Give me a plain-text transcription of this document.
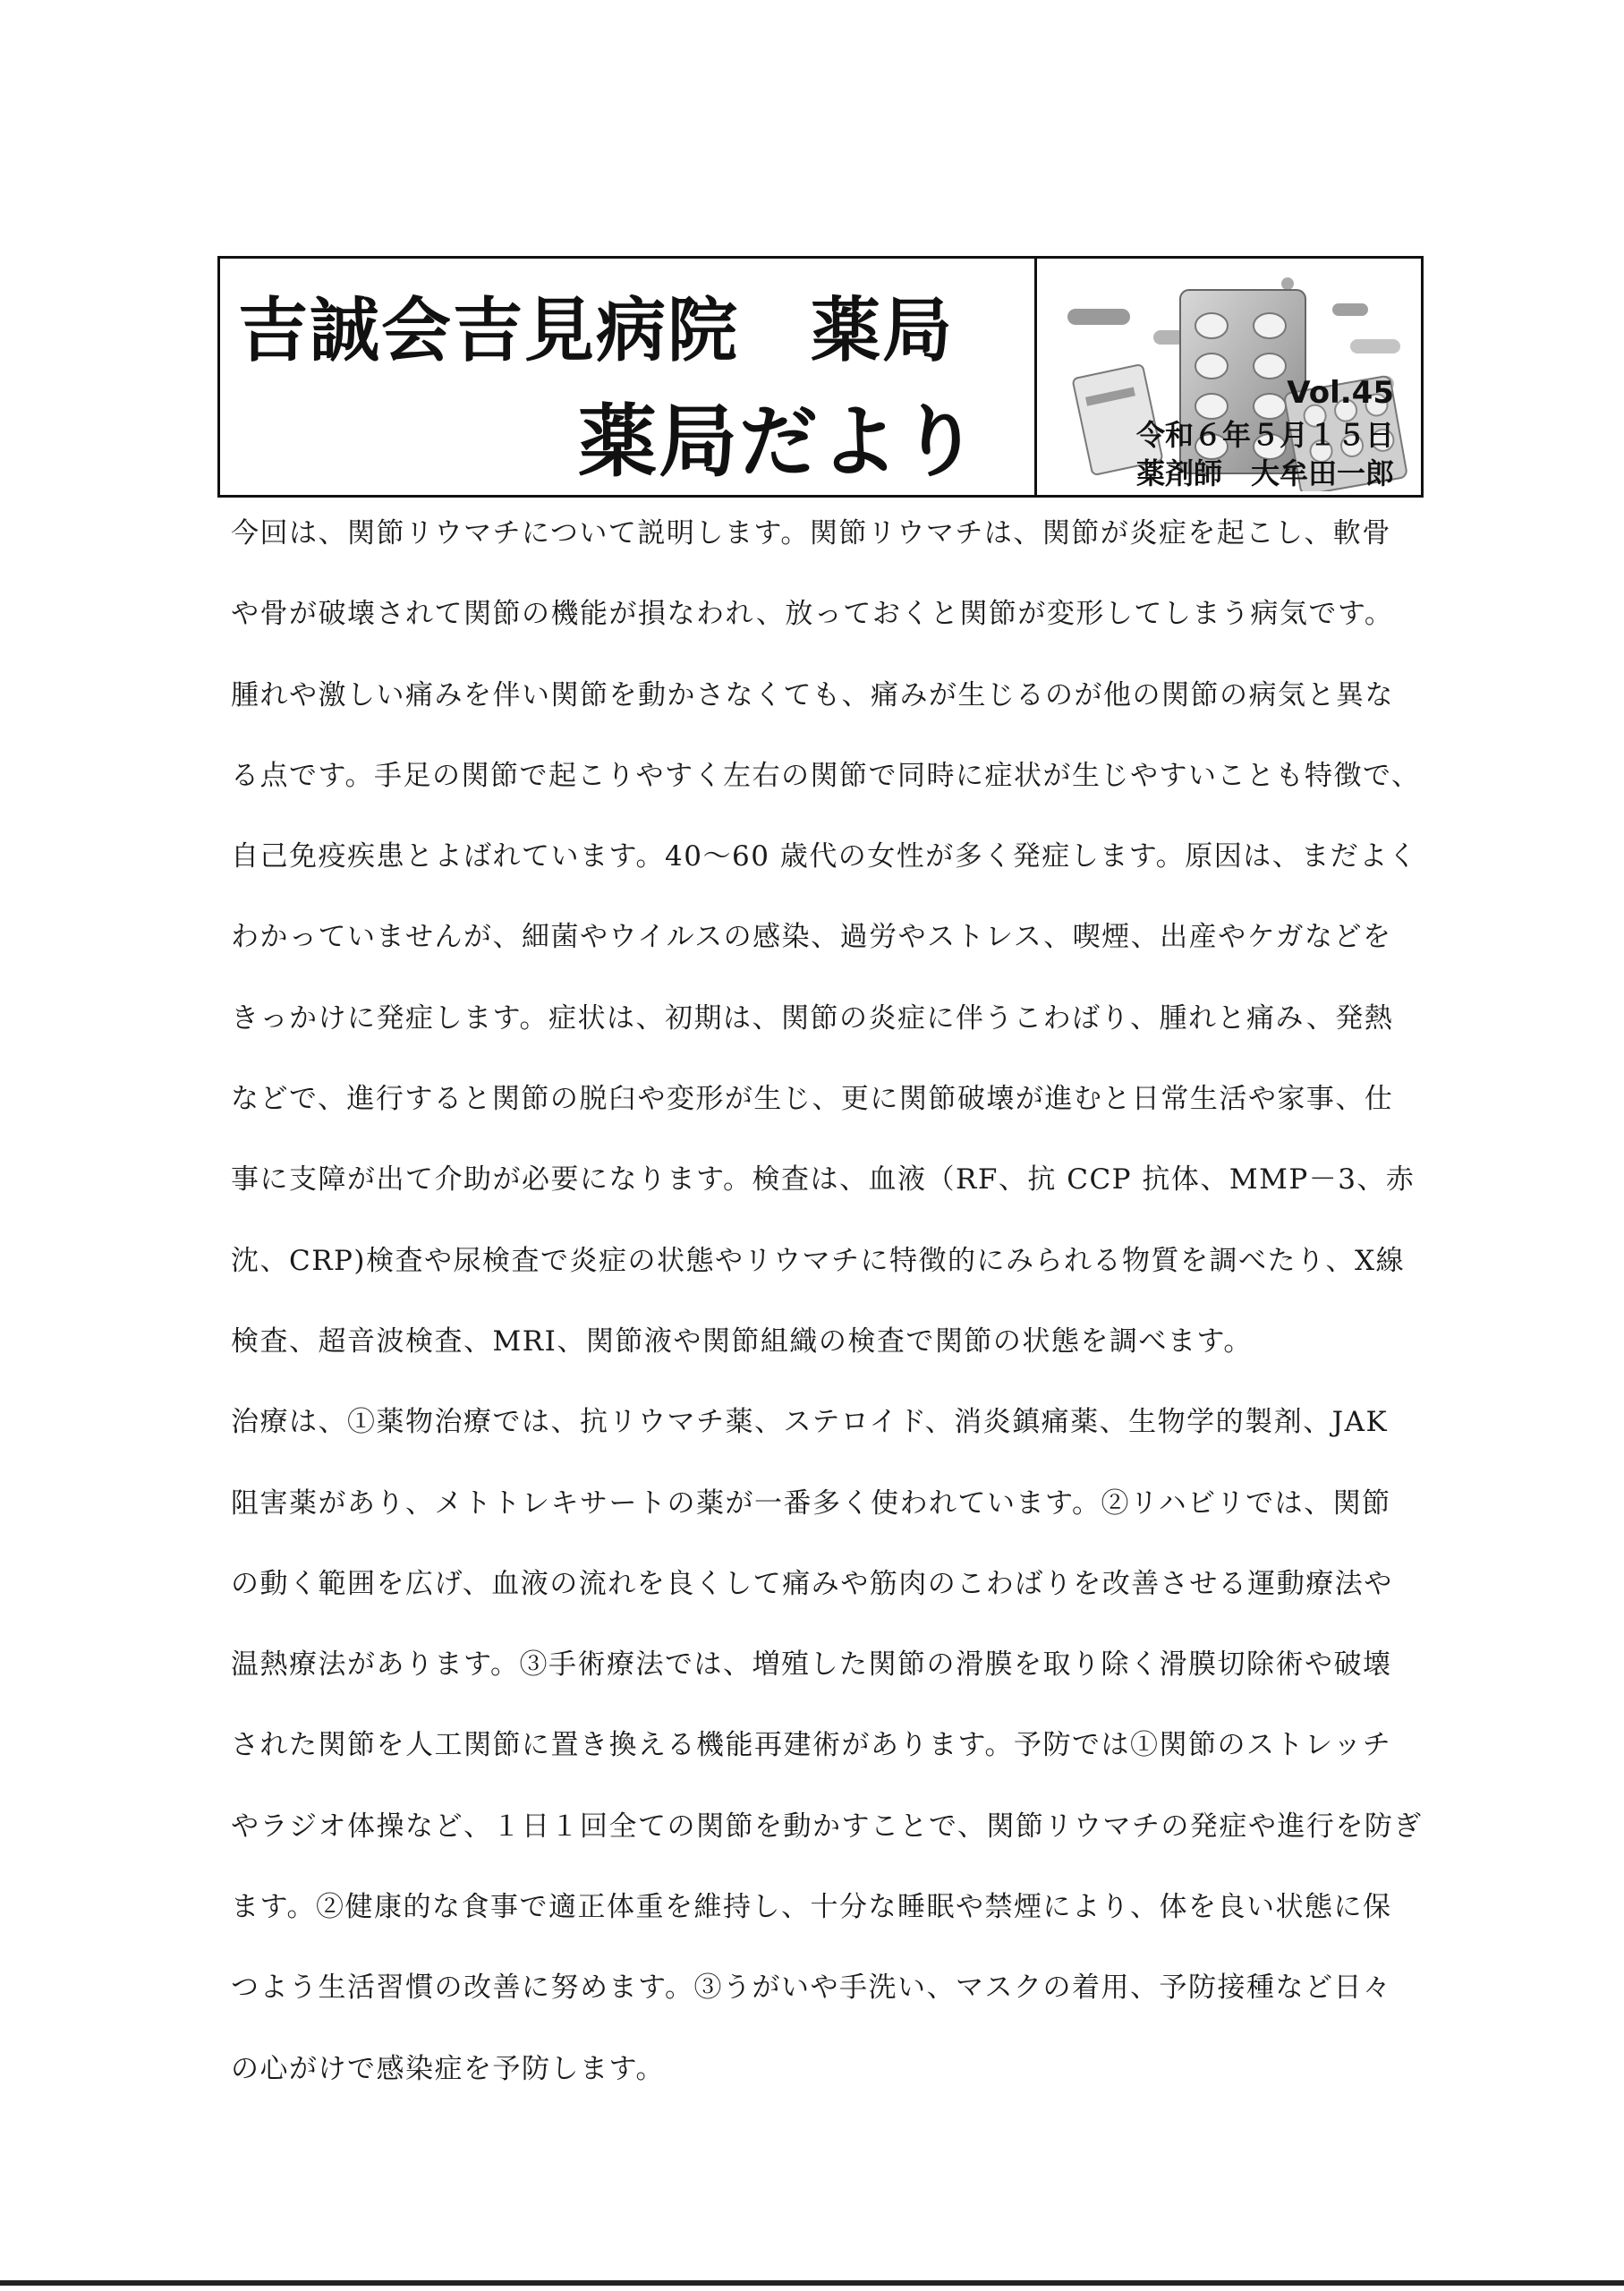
吉誠会吉見病院　薬局
薬局だより
Vol.45
令和６年５月１５日
薬剤師　大牟田一郎
今回は、関節リウマチについて説明します。関節リウマチは、関節が炎症を起こし、軟骨
や骨が破壊されて関節の機能が損なわれ、放っておくと関節が変形してしまう病気です。
腫れや激しい痛みを伴い関節を動かさなくても、痛みが生じるのが他の関節の病気と異な
る点です。手足の関節で起こりやすく左右の関節で同時に症状が生じやすいことも特徴で、
自己免疫疾患とよばれています。40～60 歳代の女性が多く発症します。原因は、まだよく
わかっていませんが、細菌やウイルスの感染、過労やストレス、喫煙、出産やケガなどを
きっかけに発症します。症状は、初期は、関節の炎症に伴うこわばり、腫れと痛み、発熱
などで、進行すると関節の脱臼や変形が生じ、更に関節破壊が進むと日常生活や家事、仕
事に支障が出て介助が必要になります。検査は、血液（RF、抗 CCP 抗体、MMP－3、赤
沈、CRP)検査や尿検査で炎症の状態やリウマチに特徴的にみられる物質を調べたり、X線
検査、超音波検査、MRI、関節液や関節組織の検査で関節の状態を調べます。
治療は、①薬物治療では、抗リウマチ薬、ステロイド、消炎鎮痛薬、生物学的製剤、JAK
阻害薬があり、メトトレキサートの薬が一番多く使われています。②リハビリでは、関節
の動く範囲を広げ、血液の流れを良くして痛みや筋肉のこわばりを改善させる運動療法や
温熱療法があります。③手術療法では、増殖した関節の滑膜を取り除く滑膜切除術や破壊
された関節を人工関節に置き換える機能再建術があります。予防では①関節のストレッチ
やラジオ体操など、１日１回全ての関節を動かすことで、関節リウマチの発症や進行を防ぎ
ます。②健康的な食事で適正体重を維持し、十分な睡眠や禁煙により、体を良い状態に保
つよう生活習慣の改善に努めます。③うがいや手洗い、マスクの着用、予防接種など日々
の心がけで感染症を予防します。
